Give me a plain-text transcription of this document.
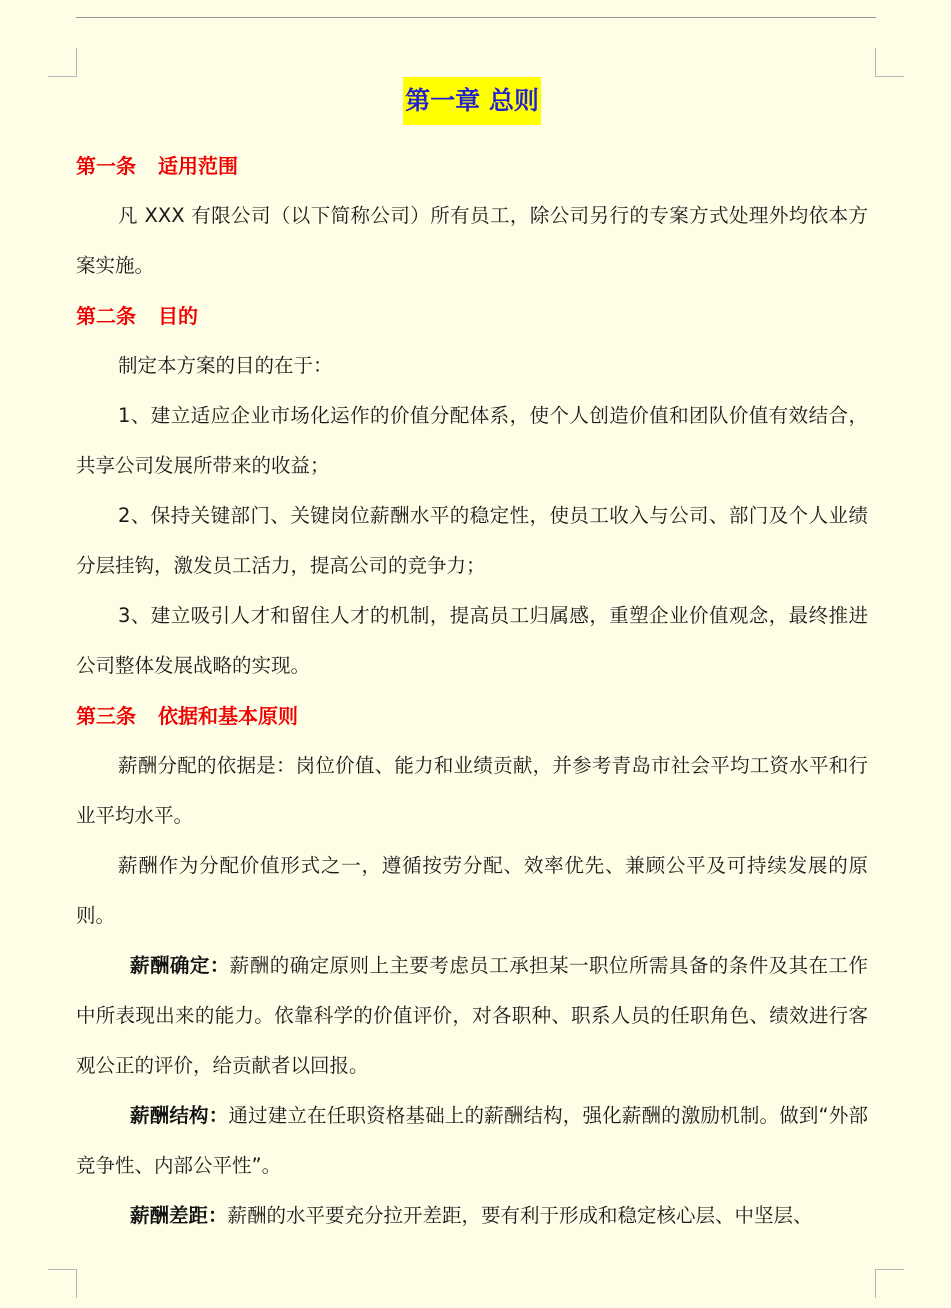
第一章 总则
第一条 适用范围

凡 XXX 有限公司（以下简称公司）所有员工，除公司另行的专案方式处理外均依本方案实施。

第二条 目的

制定本方案的目的在于：

1、建立适应企业市场化运作的价值分配体系，使个人创造价值和团队价值有效结合，共享公司发展所带来的收益；

2、保持关键部门、关键岗位薪酬水平的稳定性，使员工收入与公司、部门及个人业绩分层挂钩，激发员工活力，提高公司的竞争力；

3、建立吸引人才和留住人才的机制，提高员工归属感，重塑企业价值观念，最终推进公司整体发展战略的实现。

第三条 依据和基本原则

薪酬分配的依据是：岗位价值、能力和业绩贡献，并参考青岛市社会平均工资水平和行业平均水平。

薪酬作为分配价值形式之一，遵循按劳分配、效率优先、兼顾公平及可持续发展的原则。

薪酬确定：薪酬的确定原则上主要考虑员工承担某一职位所需具备的条件及其在工作中所表现出来的能力。依靠科学的价值评价，对各职种、职系人员的任职角色、绩效进行客观公正的评价，给贡献者以回报。

薪酬结构：通过建立在任职资格基础上的薪酬结构，强化薪酬的激励机制。做到“外部竞争性、内部公平性”。

薪酬差距：薪酬的水平要充分拉开差距，要有利于形成和稳定核心层、中坚层、
